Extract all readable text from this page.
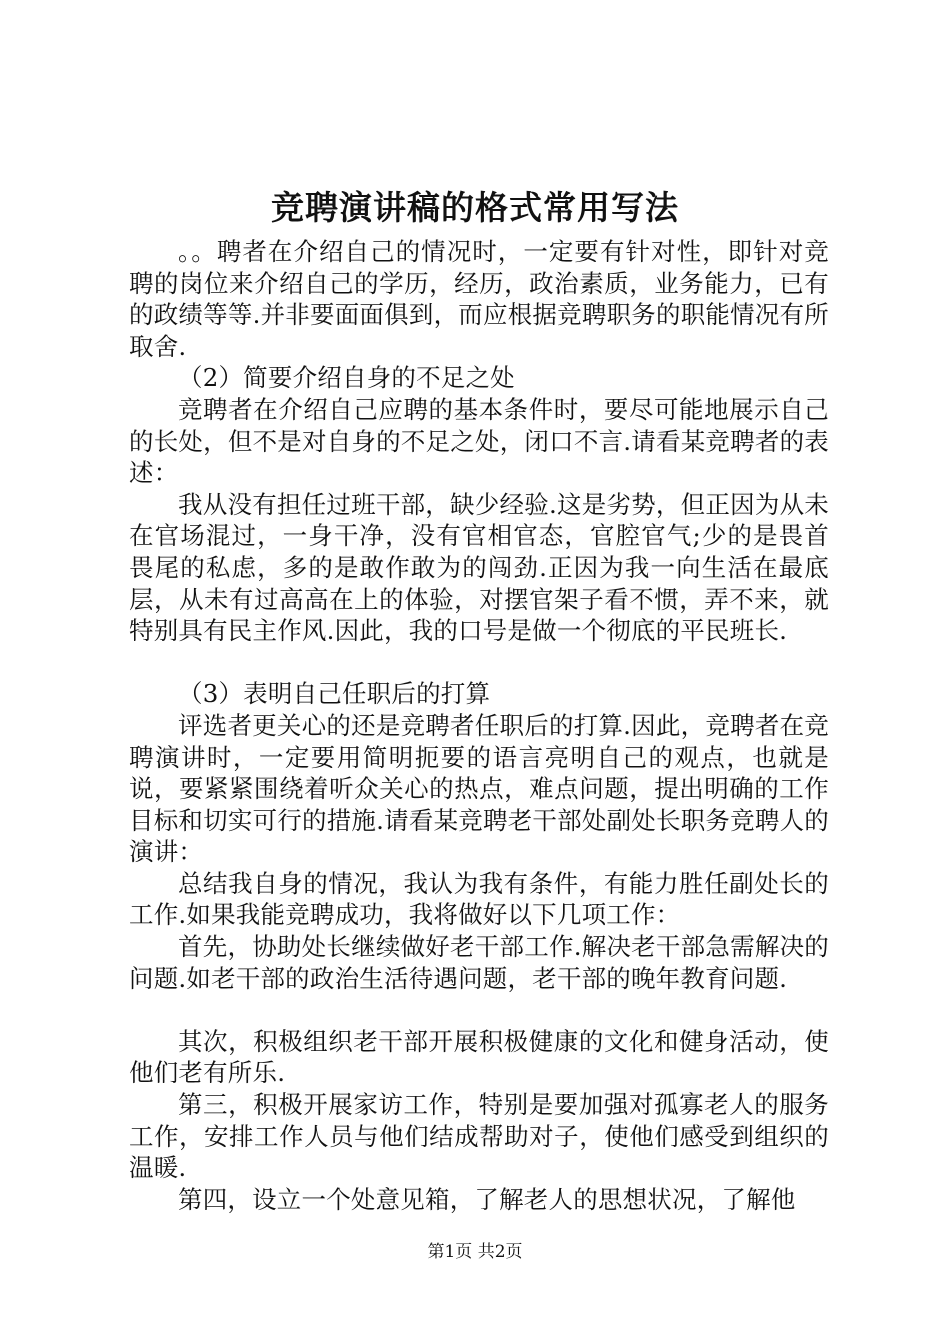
竞聘演讲稿的格式常用写法

。。聘者在介绍自己的情况时，一定要有针对性，即针对竞聘的岗位来介绍自己的学历，经历，政治素质，业务能力，已有的政绩等等.并非要面面俱到，而应根据竞聘职务的职能情况有所取舍.

（2）简要介绍自身的不足之处

竞聘者在介绍自己应聘的基本条件时，要尽可能地展示自己的长处，但不是对自身的不足之处，闭口不言.请看某竞聘者的表述：

我从没有担任过班干部，缺少经验.这是劣势，但正因为从未在官场混过，一身干净，没有官相官态，官腔官气;少的是畏首畏尾的私虑，多的是敢作敢为的闯劲.正因为我一向生活在最底层，从未有过高高在上的体验，对摆官架子看不惯，弄不来，就特别具有民主作风.因此，我的口号是做一个彻底的平民班长.

（3）表明自己任职后的打算

评选者更关心的还是竞聘者任职后的打算.因此，竞聘者在竞聘演讲时，一定要用简明扼要的语言亮明自己的观点，也就是说，要紧紧围绕着听众关心的热点，难点问题，提出明确的工作目标和切实可行的措施.请看某竞聘老干部处副处长职务竞聘人的演讲：

总结我自身的情况，我认为我有条件，有能力胜任副处长的工作.如果我能竞聘成功，我将做好以下几项工作：

首先，协助处长继续做好老干部工作.解决老干部急需解决的问题.如老干部的政治生活待遇问题，老干部的晚年教育问题.

其次，积极组织老干部开展积极健康的文化和健身活动，使他们老有所乐.

第三，积极开展家访工作，特别是要加强对孤寡老人的服务工作，安排工作人员与他们结成帮助对子，使他们感受到组织的温暖.

第四，设立一个处意见箱，了解老人的思想状况，了解他

第1页 共2页
